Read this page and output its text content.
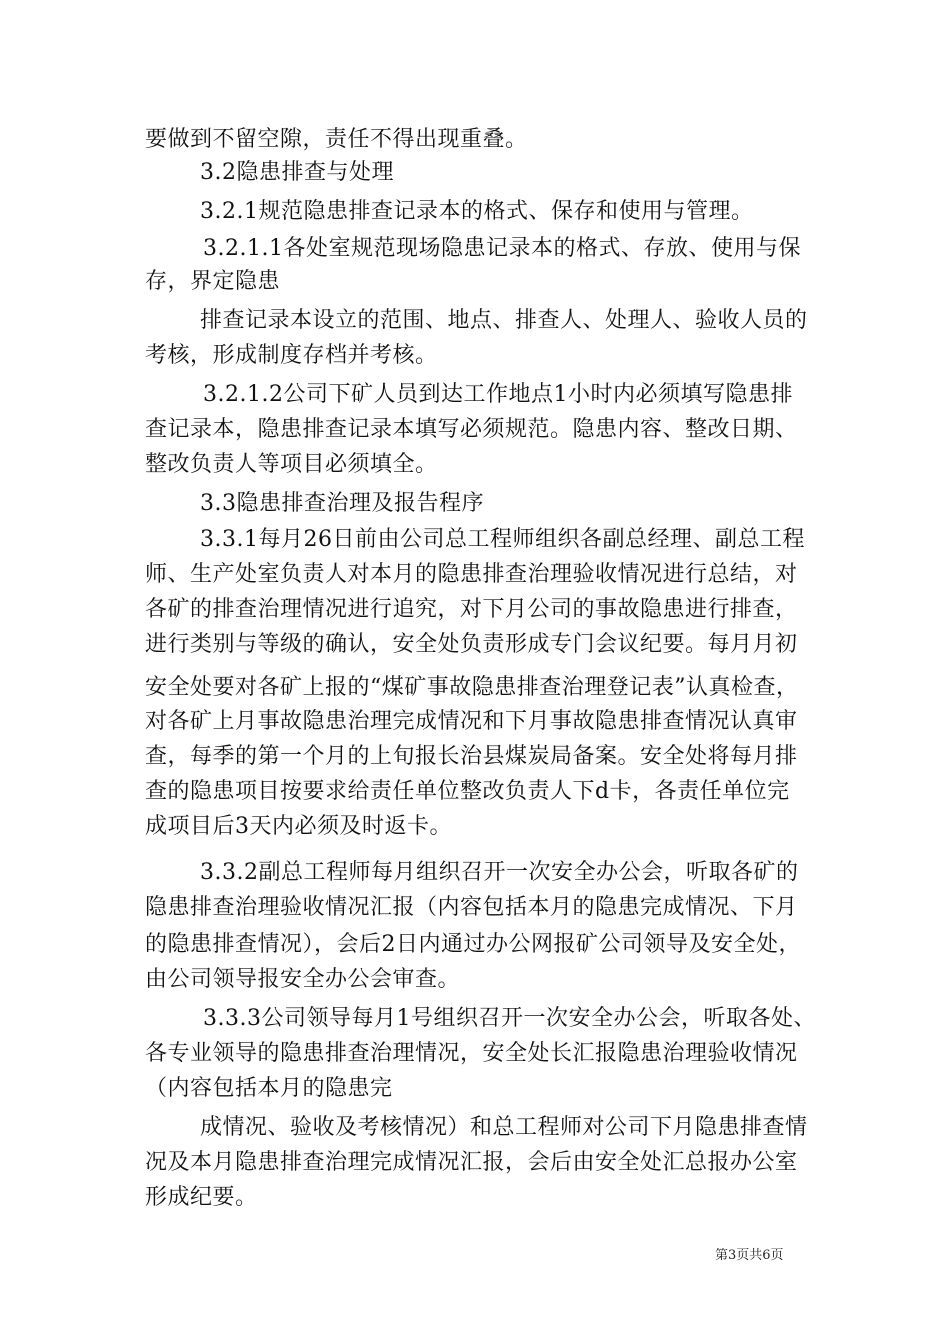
要做到不留空隙，责任不得出现重叠。
3.2隐患排查与处理
3.2.1规范隐患排查记录本的格式、保存和使用与管理。
3.2.1.1各处室规范现场隐患记录本的格式、存放、使用与保
存，界定隐患
排查记录本设立的范围、地点、排查人、处理人、验收人员的
考核，形成制度存档并考核。
3.2.1.2公司下矿人员到达工作地点1小时内必须填写隐患排
查记录本，隐患排查记录本填写必须规范。隐患内容、整改日期、
整改负责人等项目必须填全。
3.3隐患排查治理及报告程序
3.3.1每月26日前由公司总工程师组织各副总经理、副总工程
师、生产处室负责人对本月的隐患排查治理验收情况进行总结，对
各矿的排查治理情况进行追究，对下月公司的事故隐患进行排查，
进行类别与等级的确认，安全处负责形成专门会议纪要。每月月初
安全处要对各矿上报的“煤矿事故隐患排查治理登记表”认真检查，
对各矿上月事故隐患治理完成情况和下月事故隐患排查情况认真审
查，每季的第一个月的上旬报长治县煤炭局备案。安全处将每月排
查的隐患项目按要求给责任单位整改负责人下d卡，各责任单位完
成项目后3天内必须及时返卡。
3.3.2副总工程师每月组织召开一次安全办公会，听取各矿的
隐患排查治理验收情况汇报（内容包括本月的隐患完成情况、下月
的隐患排查情况），会后2日内通过办公网报矿公司领导及安全处，
由公司领导报安全办公会审查。
3.3.3公司领导每月1号组织召开一次安全办公会，听取各处、
各专业领导的隐患排查治理情况，安全处长汇报隐患治理验收情况
（内容包括本月的隐患完
成情况、验收及考核情况）和总工程师对公司下月隐患排查情
况及本月隐患排查治理完成情况汇报，会后由安全处汇总报办公室
形成纪要。
第3页共6页
